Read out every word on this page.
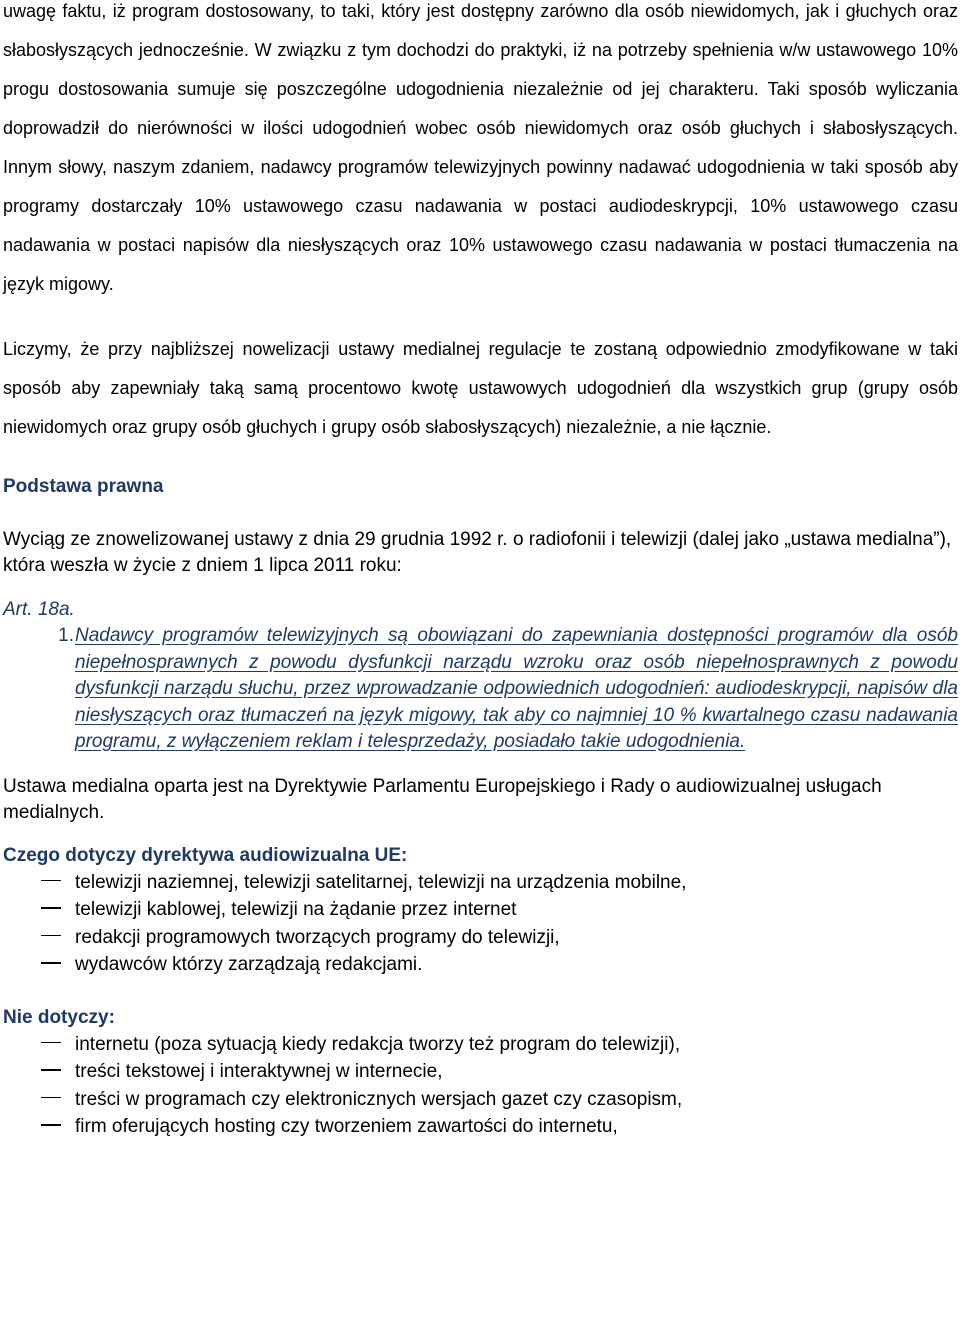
uwagę faktu, iż program dostosowany, to taki, który jest dostępny zarówno dla osób niewidomych, jak i głuchych oraz słabosłyszących jednocześnie. W związku z tym dochodzi do praktyki, iż na potrzeby spełnienia w/w ustawowego 10% progu dostosowania sumuje się poszczególne udogodnienia niezależnie od jej charakteru. Taki sposób wyliczania doprowadził do nierówności w ilości udogodnień wobec osób niewidomych oraz osób głuchych i słabosłyszących. Innym słowy, naszym zdaniem, nadawcy programów telewizyjnych powinny nadawać udogodnienia w taki sposób aby programy dostarczały 10% ustawowego czasu nadawania w postaci audiodeskrypcji, 10% ustawowego czasu nadawania w postaci napisów dla niesłyszących oraz 10% ustawowego czasu nadawania w postaci tłumaczenia na język migowy.

Liczymy, że przy najbliższej nowelizacji ustawy medialnej regulacje te zostaną odpowiednio zmodyfikowane w taki sposób aby zapewniały taką samą procentowo kwotę ustawowych udogodnień dla wszystkich grup (grupy osób niewidomych oraz grupy osób głuchych i grupy osób słabosłyszących) niezależnie, a nie łącznie.

Podstawa prawna

Wyciąg ze znowelizowanej ustawy z dnia 29 grudnia 1992 r. o radiofonii i telewizji (dalej jako „ustawa medialna”), która weszła w życie z dniem 1 lipca 2011 roku:

Art. 18a.

1. Nadawcy programów telewizyjnych są obowiązani do zapewniania dostępności programów dla osób niepełnosprawnych z powodu dysfunkcji narządu wzroku oraz osób niepełnosprawnych z powodu dysfunkcji narządu słuchu, przez wprowadzanie odpowiednich udogodnień: audiodeskrypcji, napisów dla niesłyszących oraz tłumaczeń na język migowy, tak aby co najmniej 10 % kwartalnego czasu nadawania programu, z wyłączeniem reklam i telesprzedaży, posiadało takie udogodnienia.

Ustawa medialna oparta jest na Dyrektywie Parlamentu Europejskiego i Rady o audiowizualnej usługach medialnych.

Czego dotyczy dyrektywa audiowizualna UE:
telewizji naziemnej, telewizji satelitarnej, telewizji na urządzenia mobilne,
telewizji kablowej, telewizji na żądanie przez internet
redakcji programowych tworzących programy do telewizji,
wydawców którzy zarządzają redakcjami.
Nie dotyczy:
internetu (poza sytuacją kiedy redakcja tworzy też program do telewizji),
treści tekstowej i interaktywnej w internecie,
treści w programach czy elektronicznych wersjach gazet czy czasopism,
firm oferujących hosting czy tworzeniem zawartości do internetu,
